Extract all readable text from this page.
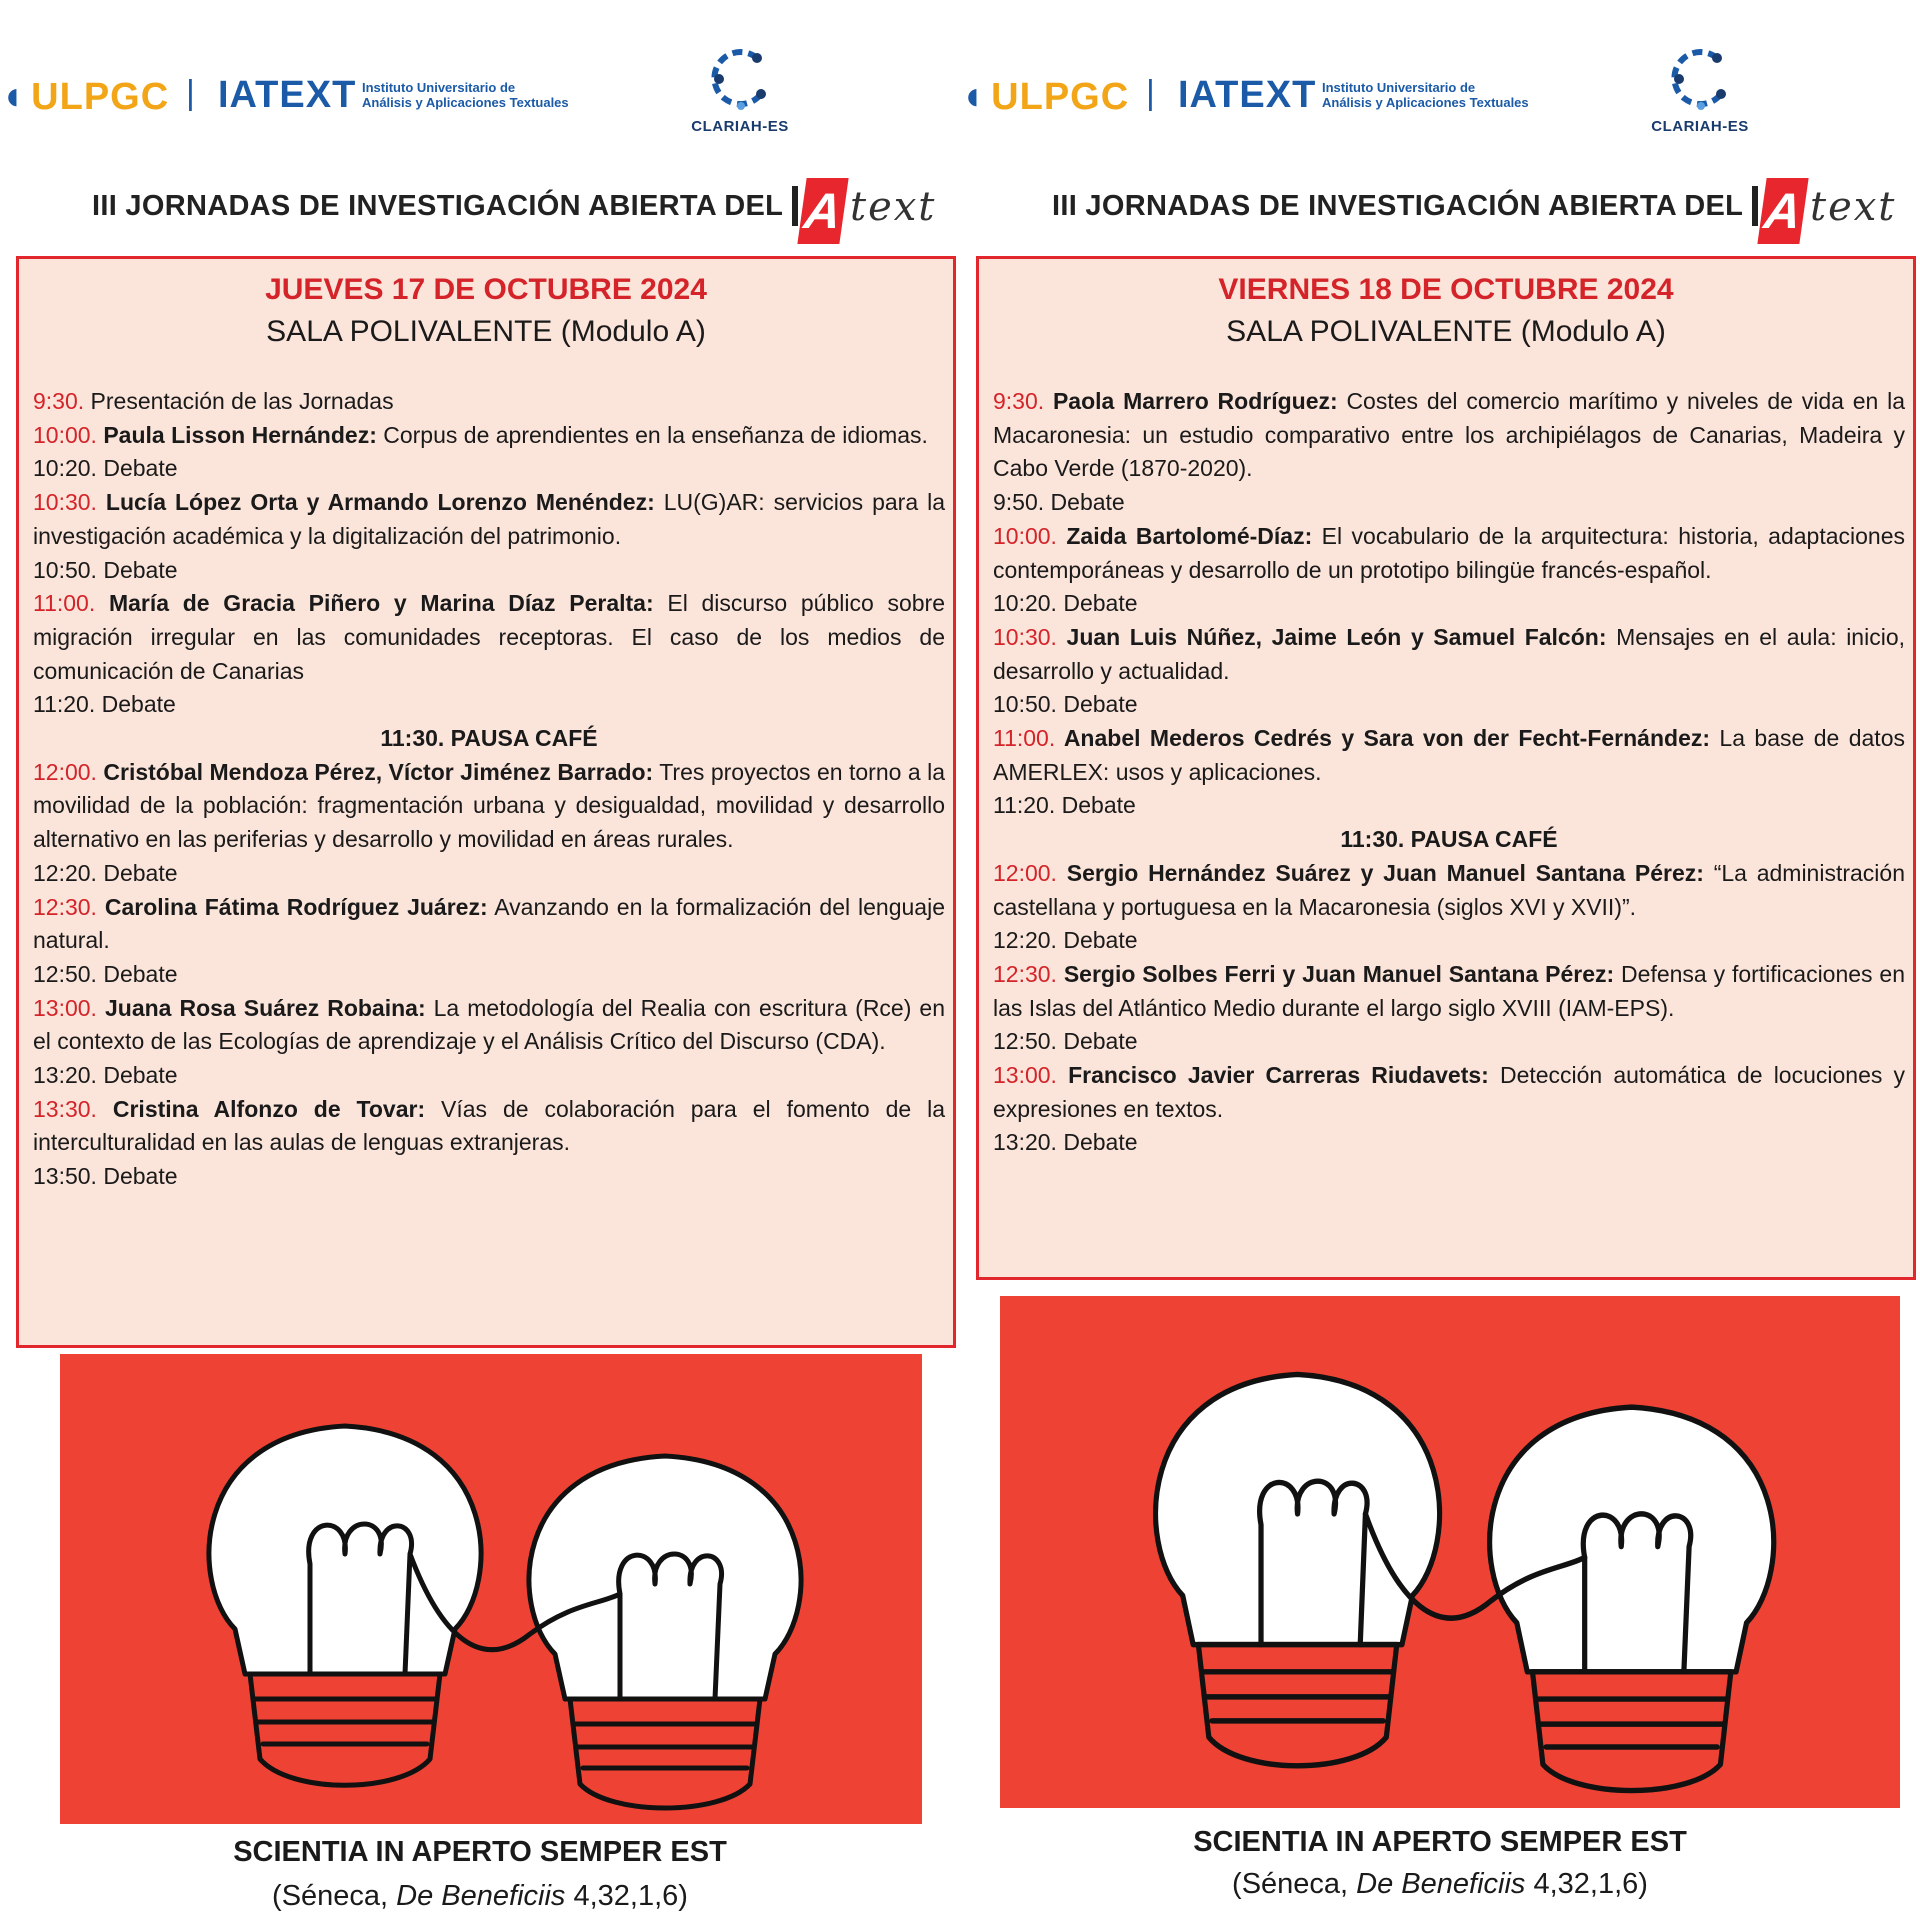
◖ ULPGC | IATEXT Instituto Universitario de
Análisis y Aplicaciones Textuales
CLARIAH-ES
III JORNADAS DE INVESTIGACIÓN ABIERTA DEL A text
JUEVES 17 DE OCTUBRE 2024
SALA POLIVALENTE (Modulo A)

9:30. Presentación de las Jornadas

10:00. Paula Lisson Hernández: Corpus de aprendientes en la enseñanza de idiomas.

10:20. Debate

10:30. Lucía López Orta y Armando Lorenzo Menéndez: LU(G)AR: servicios para la investigación académica y la digitalización del patrimonio.

10:50. Debate

11:00. María de Gracia Piñero y Marina Díaz Peralta: El discurso público sobre migración irregular en las comunidades receptoras. El caso de los medios de comunicación de Canarias

11:20. Debate

11:30. PAUSA CAFÉ

12:00. Cristóbal Mendoza Pérez, Víctor Jiménez Barrado: Tres proyectos en torno a la movilidad de la población: fragmentación urbana y desigualdad, movilidad y desarrollo alternativo en las periferias y desarrollo y movilidad en áreas rurales.

12:20. Debate

12:30. Carolina Fátima Rodríguez Juárez: Avanzando en la formalización del lenguaje natural.

12:50. Debate

13:00. Juana Rosa Suárez Robaina: La metodología del Realia con escritura (Rce) en el contexto de las Ecologías de aprendizaje y el Análisis Crítico del Discurso (CDA).

13:20. Debate

13:30. Cristina Alfonzo de Tovar: Vías de colaboración para el fomento de la interculturalidad en las aulas de lenguas extranjeras.

13:50. Debate

SCIENTIA IN APERTO SEMPER EST
(Séneca, De Beneficiis 4,32,1,6)
◖ ULPGC | IATEXT Instituto Universitario de
Análisis y Aplicaciones Textuales
CLARIAH-ES
III JORNADAS DE INVESTIGACIÓN ABIERTA DEL A text
VIERNES 18 DE OCTUBRE 2024
SALA POLIVALENTE (Modulo A)

9:30. Paola Marrero Rodríguez: Costes del comercio marítimo y niveles de vida en la Macaronesia: un estudio comparativo entre los archipiélagos de Canarias, Madeira y Cabo Verde (1870-2020).

9:50. Debate

10:00. Zaida Bartolomé-Díaz: El vocabulario de la arquitectura: historia, adaptaciones contemporáneas y desarrollo de un prototipo bilingüe francés-español.

10:20. Debate

10:30. Juan Luis Núñez, Jaime León y Samuel Falcón: Mensajes en el aula: inicio, desarrollo y actualidad.

10:50. Debate

11:00. Anabel Mederos Cedrés y Sara von der Fecht-Fernández: La base de datos AMERLEX: usos y aplicaciones.

11:20. Debate

11:30. PAUSA CAFÉ

12:00. Sergio Hernández Suárez y Juan Manuel Santana Pérez: “La administración castellana y portuguesa en la Macaronesia (siglos XVI y XVII)”.

12:20. Debate

12:30. Sergio Solbes Ferri y Juan Manuel Santana Pérez: Defensa y fortificaciones en las Islas del Atlántico Medio durante el largo siglo XVIII (IAM-EPS).

12:50. Debate

13:00. Francisco Javier Carreras Riudavets: Detección automática de locuciones y expresiones en textos.

13:20. Debate

SCIENTIA IN APERTO SEMPER EST
(Séneca, De Beneficiis 4,32,1,6)
